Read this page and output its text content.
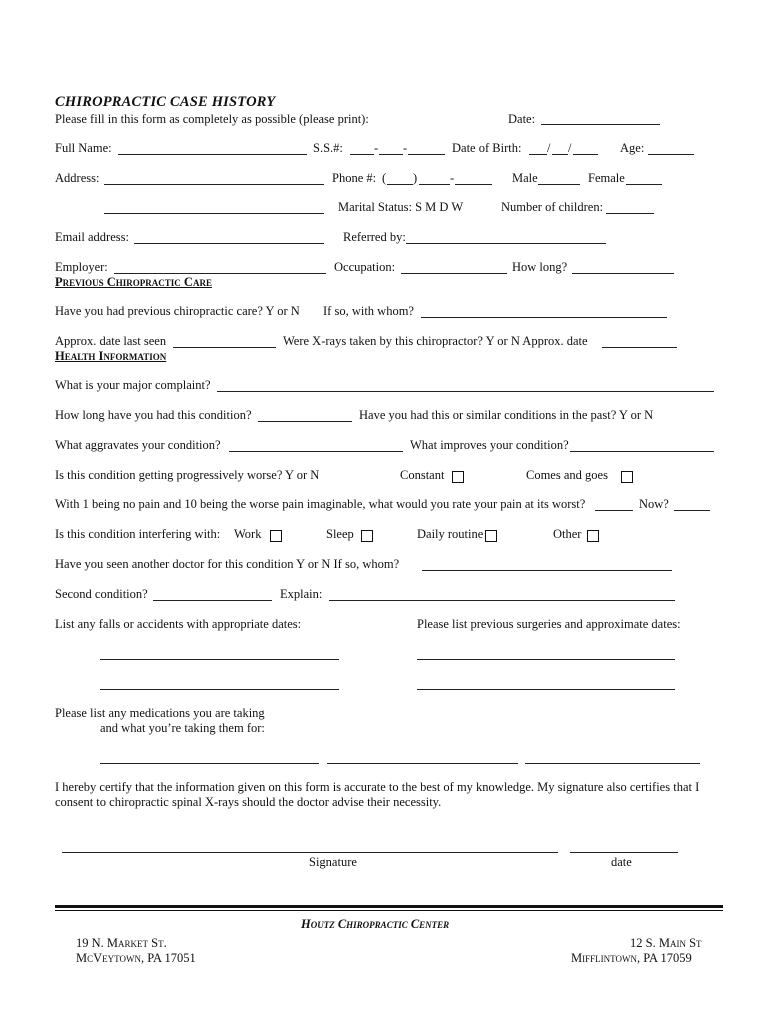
CHIROPRACTIC CASE HISTORY
Please fill in this form as completely as possible (please print):	Date:
Full Name:	S.S.#: - -	Date of Birth: / /	Age:
Address:	Phone #: ( )	-	Male	Female
Marital Status: S M D W	Number of children:
Email address:	Referred by:
Employer:	Occupation:	How long?
Previous Chiropractic Care
Have you had previous chiropractic care? Y or N If so, with whom?
Approx. date last seen	Were X-rays taken by this chiropractor? Y or N Approx. date
Health Information
What is your major complaint?
How long have you had this condition?	Have you had this or similar conditions in the past? Y or N
What aggravates your condition?	What improves your condition?
Is this condition getting progressively worse? Y or N	Constant	Comes and goes
With 1 being no pain and 10 being the worse pain imaginable, what would you rate your pain at its worst?	Now?
Is this condition interfering with: Work	Sleep	Daily routine	Other
Have you seen another doctor for this condition Y or N If so, whom?
Second condition?	Explain:
List any falls or accidents with appropriate dates:	Please list previous surgeries and approximate dates:
Please list any medications you are taking
and what you’re taking them for:
I hereby certify that the information given on this form is accurate to the best of my knowledge. My signature also certifies that I
consent to chiropractic spinal X-rays should the doctor advise their necessity.
Signature	date
Houtz Chiropractic Center
19 N. Market St.
McVeytown, PA 17051
12 S. Main St
Mifflintown, PA 17059
